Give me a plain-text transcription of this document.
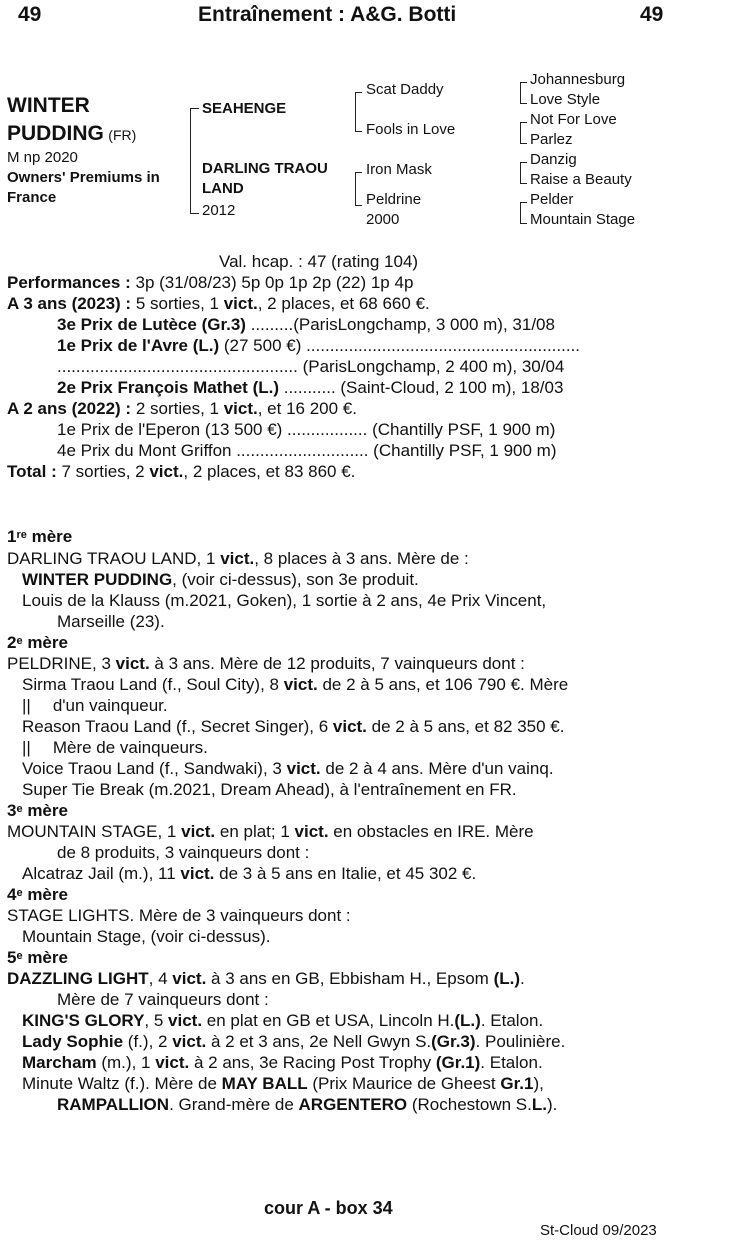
49	Entraînement : A&G. Botti	49
WINTER
PUDDING (FR)
M np 2020
Owners' Premiums in
France
SEAHENGE
DARLING TRAOU
LAND
2012
Scat Daddy
Fools in Love
Iron Mask
Peldrine
2000
Johannesburg
Love Style
Not For Love
Parlez
Danzig
Raise a Beauty
Pelder
Mountain Stage
Val. hcap. : 47 (rating 104)
Performances : 3p (31/08/23) 5p 0p 1p 2p (22) 1p 4p
A 3 ans (2023) : 5 sorties, 1 vict., 2 places, et 68 660 €.
3e Prix de Lutèce (Gr.3) .........(ParisLongchamp, 3 000 m), 31/08
1e Prix de l'Avre (L.) (27 500 €) ..........................................................
................................................... (ParisLongchamp, 2 400 m), 30/04
2e Prix François Mathet (L.) ........... (Saint-Cloud, 2 100 m), 18/03
A 2 ans (2022) : 2 sorties, 1 vict., et 16 200 €.
1e Prix de l'Eperon (13 500 €) ................. (Chantilly PSF, 1 900 m)
4e Prix du Mont Griffon ............................ (Chantilly PSF, 1 900 m)
Total : 7 sorties, 2 vict., 2 places, et 83 860 €.
1re mère
DARLING TRAOU LAND, 1 vict., 8 places à 3 ans. Mère de :
WINTER PUDDING, (voir ci-dessus), son 3e produit.
Louis de la Klauss (m.2021, Goken), 1 sortie à 2 ans, 4e Prix Vincent,
Marseille (23).
2e mère
PELDRINE, 3 vict. à 3 ans. Mère de 12 produits, 7 vainqueurs dont :
Sirma Traou Land (f., Soul City), 8 vict. de 2 à 5 ans, et 106 790 €. Mère
|| d'un vainqueur.
Reason Traou Land (f., Secret Singer), 6 vict. de 2 à 5 ans, et 82 350 €.
|| Mère de vainqueurs.
Voice Traou Land (f., Sandwaki), 3 vict. de 2 à 4 ans. Mère d'un vainq.
Super Tie Break (m.2021, Dream Ahead), à l'entraînement en FR.
3e mère
MOUNTAIN STAGE, 1 vict. en plat; 1 vict. en obstacles en IRE. Mère
de 8 produits, 3 vainqueurs dont :
Alcatraz Jail (m.), 11 vict. de 3 à 5 ans en Italie, et 45 302 €.
4e mère
STAGE LIGHTS. Mère de 3 vainqueurs dont :
Mountain Stage, (voir ci-dessus).
5e mère
DAZZLING LIGHT, 4 vict. à 3 ans en GB, Ebbisham H., Epsom (L.).
Mère de 7 vainqueurs dont :
KING'S GLORY, 5 vict. en plat en GB et USA, Lincoln H.(L.). Etalon.
Lady Sophie (f.), 2 vict. à 2 et 3 ans, 2e Nell Gwyn S.(Gr.3). Poulinière.
Marcham (m.), 1 vict. à 2 ans, 3e Racing Post Trophy (Gr.1). Etalon.
Minute Waltz (f.). Mère de MAY BALL (Prix Maurice de Gheest Gr.1),
RAMPALLION. Grand-mère de ARGENTERO (Rochestown S.L.).
cour A - box 34
St-Cloud 09/2023
